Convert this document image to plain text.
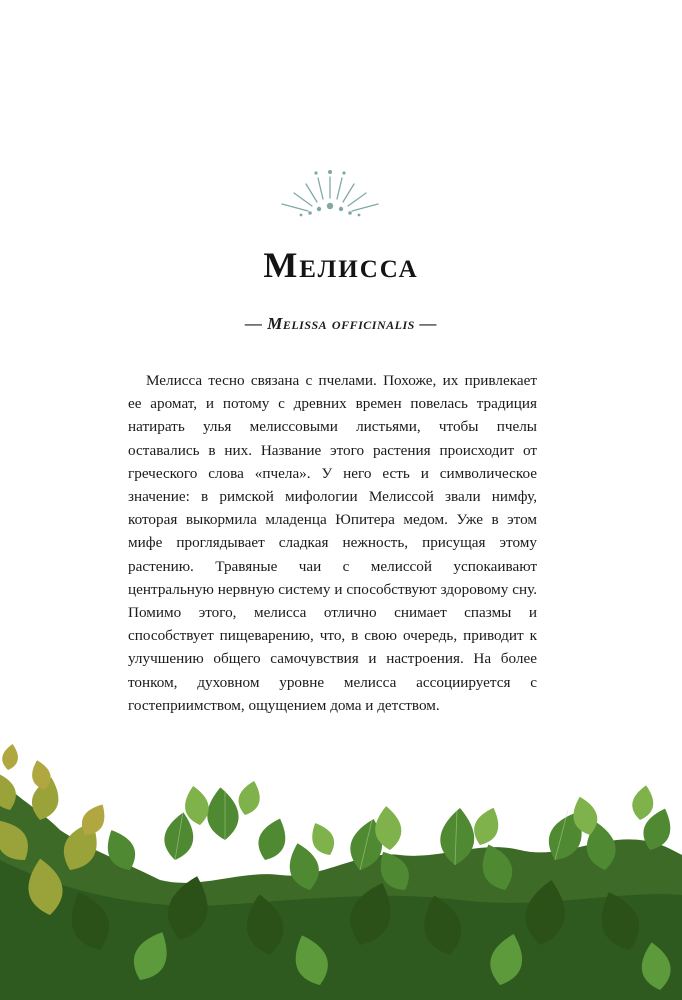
Мелисса
— Melissa officinalis —

Мелисса тесно связана с пчелами. Похоже, их привлекает ее аромат, и потому с древних времен повелась традиция натирать улья мелиссовыми листьями, чтобы пчелы оставались в них. Название этого растения происходит от греческого слова «пчела». У него есть и символическое значение: в римской мифологии Мелиссой звали нимфу, которая выкормила младенца Юпитера медом. Уже в этом мифе проглядывает сладкая нежность, присущая этому растению. Травяные чаи с мелиссой успокаивают центральную нервную систему и способствуют здоровому сну. Помимо этого, мелисса отлично снимает спазмы и способствует пищеварению, что, в свою очередь, приводит к улучшению общего самочувствия и настроения. На более тонком, духовном уровне мелисса ассоциируется с гостеприимством, ощущением дома и детством.
